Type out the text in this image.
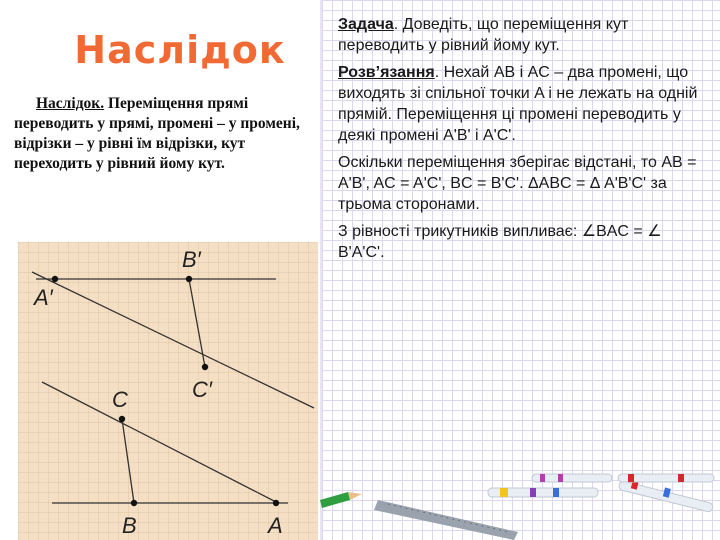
Наслідок
Наслідок. Переміщення прямі переводить у прямі, промені – у промені, відрізки – у рівні їм відрізки, кут переходить у рівний йому кут.
A′
B′
C′
C
B	A

Задача. Доведіть, що переміщення кут переводить у рівний йому кут.

Розв’язання. Нехай AB і AC – два промені, що виходять зі спільної точки A і не лежать на одній прямій. Переміщення ці промені переводить у деякі промені A'B' і A'C'.

Оскільки переміщення зберігає відстані, то AB = A'B', AC = A'C', BC = B'C'. ΔABC = Δ A'B'C' за трьома сторонами.

З рівності трикутників випливає: ∠BAC = ∠ B'A'C'.
